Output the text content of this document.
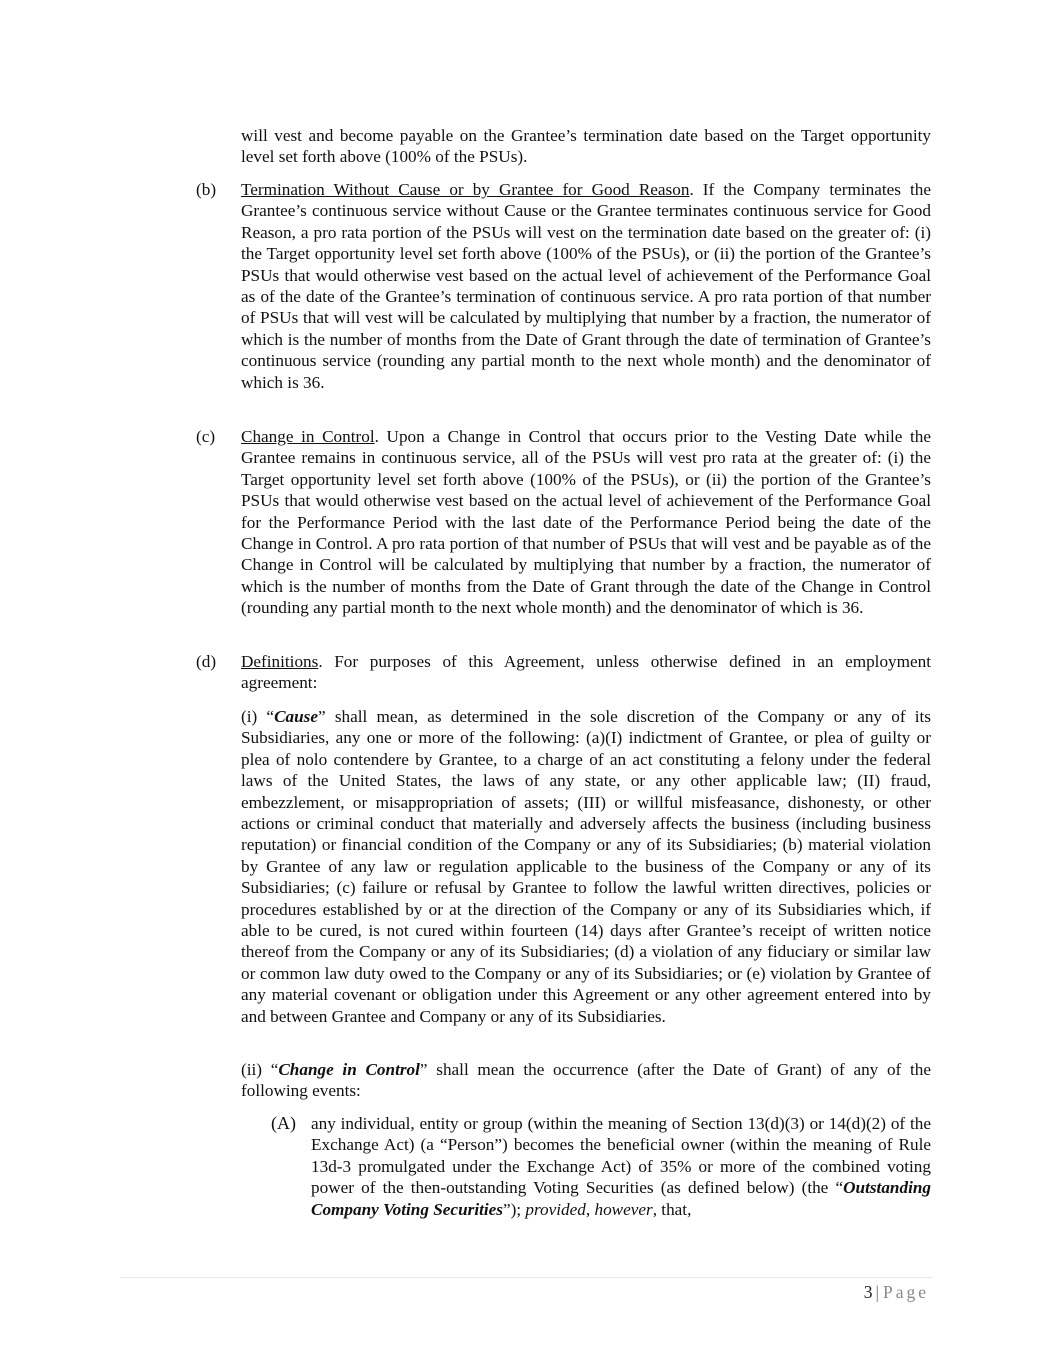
will vest and become payable on the Grantee’s termination date based on the Target opportunity level set forth above (100% of the PSUs).
(b) Termination Without Cause or by Grantee for Good Reason. If the Company terminates the Grantee’s continuous service without Cause or the Grantee terminates continuous service for Good Reason, a pro rata portion of the PSUs will vest on the termination date based on the greater of: (i) the Target opportunity level set forth above (100% of the PSUs), or (ii) the portion of the Grantee’s PSUs that would otherwise vest based on the actual level of achievement of the Performance Goal as of the date of the Grantee’s termination of continuous service. A pro rata portion of that number of PSUs that will vest will be calculated by multiplying that number by a fraction, the numerator of which is the number of months from the Date of Grant through the date of termination of Grantee’s continuous service (rounding any partial month to the next whole month) and the denominator of which is 36.
(c) Change in Control. Upon a Change in Control that occurs prior to the Vesting Date while the Grantee remains in continuous service, all of the PSUs will vest pro rata at the greater of: (i) the Target opportunity level set forth above (100% of the PSUs), or (ii) the portion of the Grantee’s PSUs that would otherwise vest based on the actual level of achievement of the Performance Goal for the Performance Period with the last date of the Performance Period being the date of the Change in Control. A pro rata portion of that number of PSUs that will vest and be payable as of the Change in Control will be calculated by multiplying that number by a fraction, the numerator of which is the number of months from the Date of Grant through the date of the Change in Control (rounding any partial month to the next whole month) and the denominator of which is 36.
(d) Definitions. For purposes of this Agreement, unless otherwise defined in an employment agreement:
(i) “Cause” shall mean, as determined in the sole discretion of the Company or any of its Subsidiaries, any one or more of the following: (a)(I) indictment of Grantee, or plea of guilty or plea of nolo contendere by Grantee, to a charge of an act constituting a felony under the federal laws of the United States, the laws of any state, or any other applicable law; (II) fraud, embezzlement, or misappropriation of assets; (III) or willful misfeasance, dishonesty, or other actions or criminal conduct that materially and adversely affects the business (including business reputation) or financial condition of the Company or any of its Subsidiaries; (b) material violation by Grantee of any law or regulation applicable to the business of the Company or any of its Subsidiaries; (c) failure or refusal by Grantee to follow the lawful written directives, policies or procedures established by or at the direction of the Company or any of its Subsidiaries which, if able to be cured, is not cured within fourteen (14) days after Grantee’s receipt of written notice thereof from the Company or any of its Subsidiaries; (d) a violation of any fiduciary or similar law or common law duty owed to the Company or any of its Subsidiaries; or (e) violation by Grantee of any material covenant or obligation under this Agreement or any other agreement entered into by and between Grantee and Company or any of its Subsidiaries.
(ii) “Change in Control” shall mean the occurrence (after the Date of Grant) of any of the following events:
(A) any individual, entity or group (within the meaning of Section 13(d)(3) or 14(d)(2) of the Exchange Act) (a “Person”) becomes the beneficial owner (within the meaning of Rule 13d-3 promulgated under the Exchange Act) of 35% or more of the combined voting power of the then-outstanding Voting Securities (as defined below) (the “Outstanding Company Voting Securities”); provided, however, that,
3 | Page
